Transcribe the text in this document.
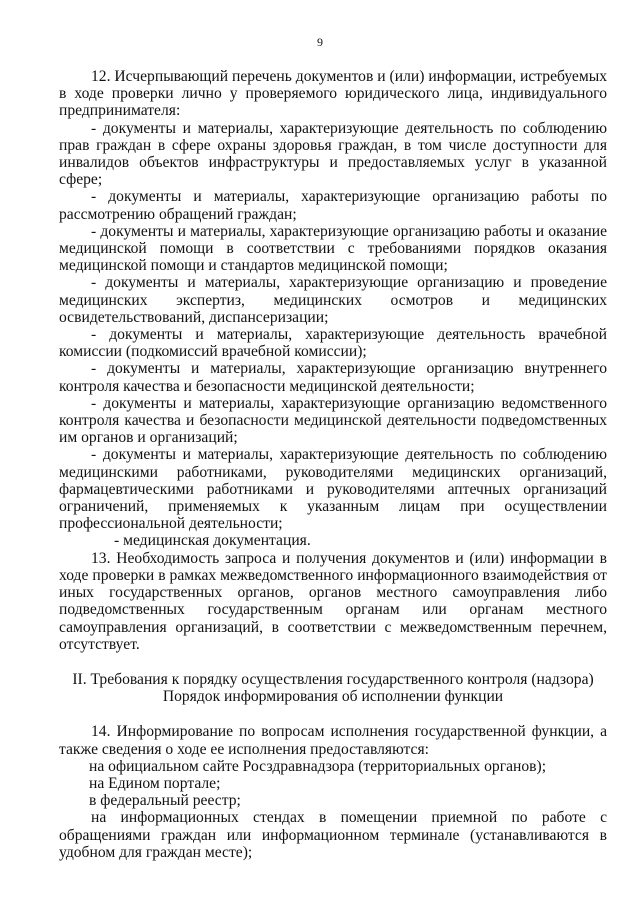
9

12. Исчерпывающий перечень документов и (или) информации, истребуемых в ходе проверки лично у проверяемого юридического лица, индивидуального предпринимателя:

- документы и материалы, характеризующие деятельность по соблюдению прав граждан в сфере охраны здоровья граждан, в том числе доступности для инвалидов объектов инфраструктуры и предоставляемых услуг в указанной сфере;

- документы и материалы, характеризующие организацию работы по рассмотрению обращений граждан;

- документы и материалы, характеризующие организацию работы и оказание медицинской помощи в соответствии с требованиями порядков оказания медицинской помощи и стандартов медицинской помощи;

- документы и материалы, характеризующие организацию и проведение медицинских экспертиз, медицинских осмотров и медицинских освидетельствований, диспансеризации;

- документы и материалы, характеризующие деятельность врачебной комиссии (подкомиссий врачебной комиссии);

- документы и материалы, характеризующие организацию внутреннего контроля качества и безопасности медицинской деятельности;

- документы и материалы, характеризующие организацию ведомственного контроля качества и безопасности медицинской деятельности подведомственных им органов и организаций;

- документы и материалы, характеризующие деятельность по соблюдению медицинскими работниками, руководителями медицинских организаций, фармацевтическими работниками и руководителями аптечных организаций ограничений, применяемых к указанным лицам при осуществлении профессиональной деятельности;

- медицинская документация.

13. Необходимость запроса и получения документов и (или) информации в ходе проверки в рамках межведомственного информационного взаимодействия от иных государственных органов, органов местного самоуправления либо подведомственных государственным органам или органам местного самоуправления организаций, в соответствии с межведомственным перечнем, отсутствует.

II. Требования к порядку осуществления государственного контроля (надзора)

Порядок информирования об исполнении функции

14. Информирование по вопросам исполнения государственной функции, а также сведения о ходе ее исполнения предоставляются:

на официальном сайте Росздравнадзора (территориальных органов);

на Едином портале;

в федеральный реестр;

на информационных стендах в помещении приемной по работе с обращениями граждан или информационном терминале (устанавливаются в удобном для граждан месте);
